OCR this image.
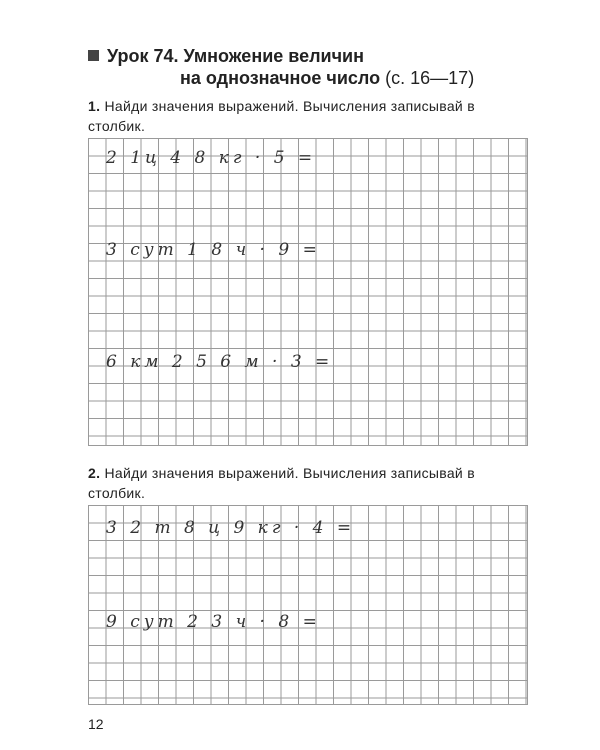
Урок 74. Умножение величин
на однозначное число (с. 16—17)
1. Найди значения выражений. Вычисления записывай в столбик.
2 1ц 4 8 кг · 5 =
3 сут 1 8 ч · 9 =
6 км 2 5 6 м · 3 =
2. Найди значения выражений. Вычисления записывай в столбик.
3 2 т 8 ц 9 кг · 4 =
9 сут 2 3 ч · 8 =
12
